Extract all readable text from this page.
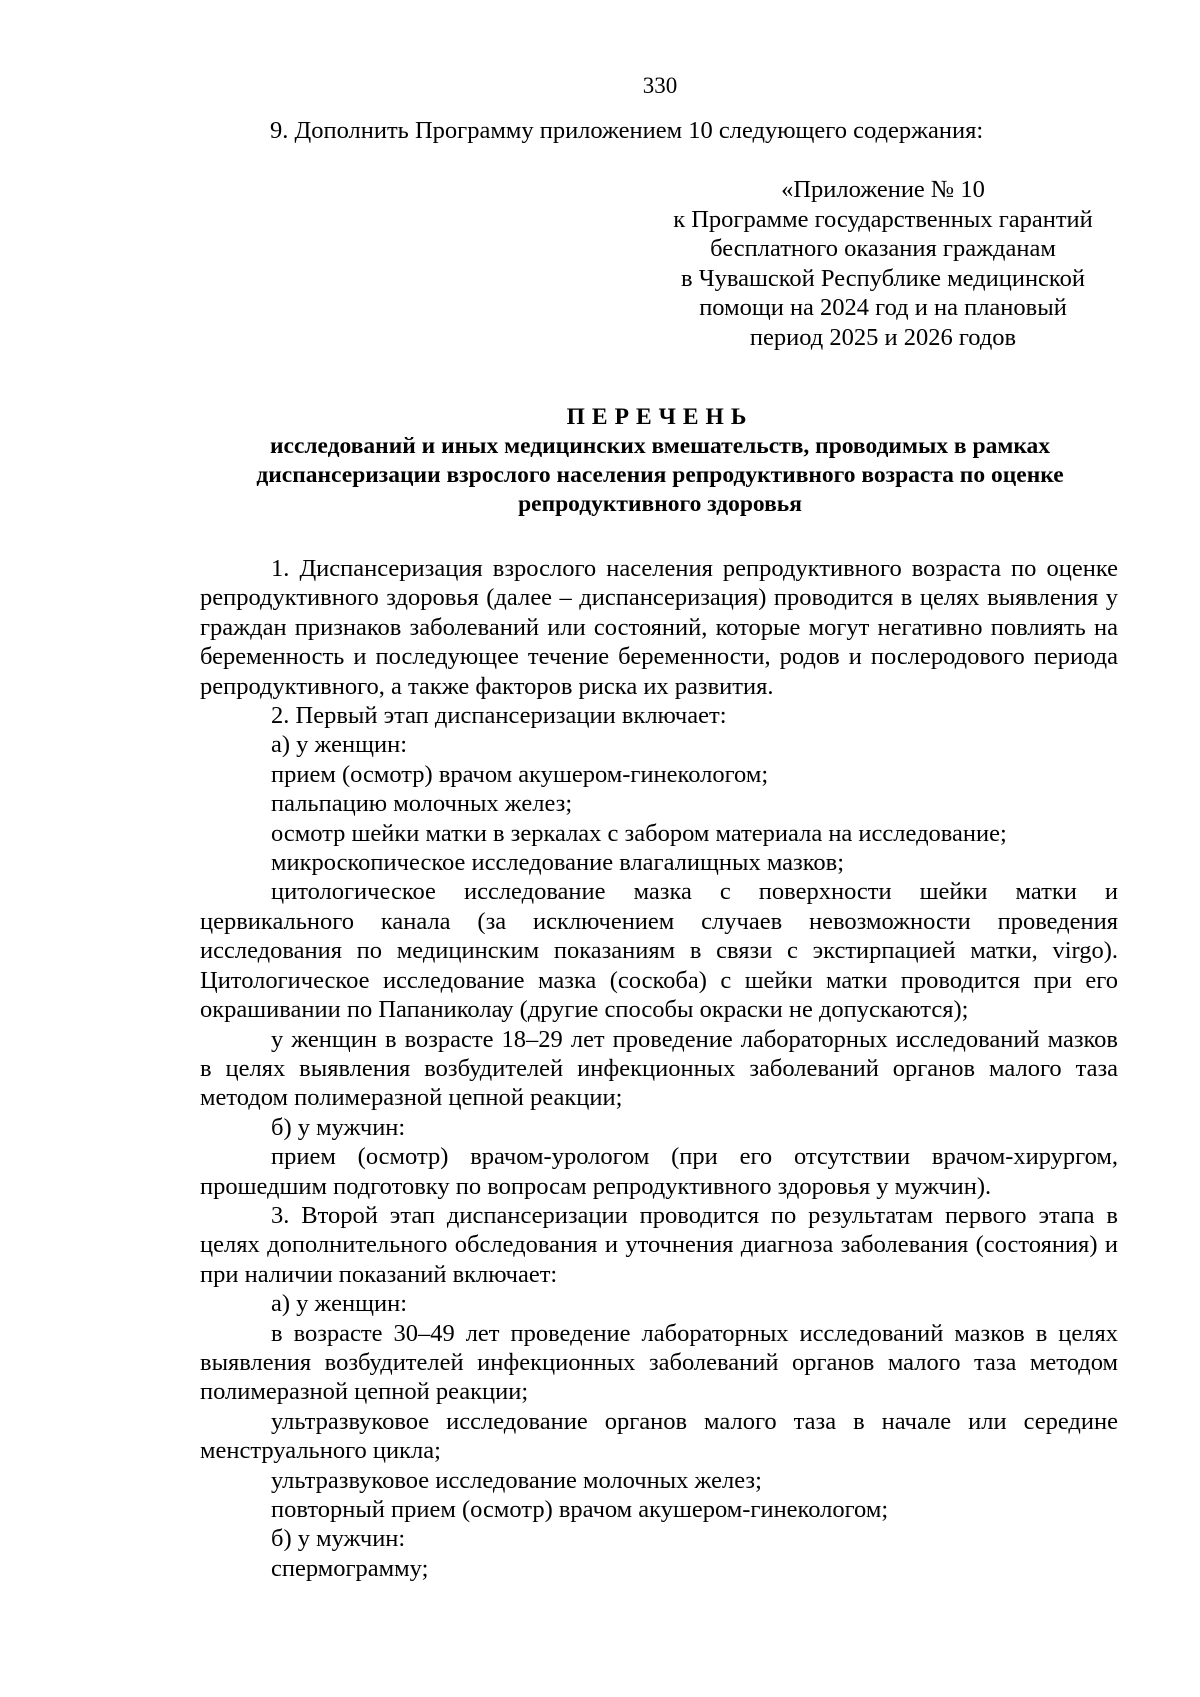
330
9. Дополнить Программу приложением 10 следующего содержания:
«Приложение № 10
к Программе государственных гарантий
бесплатного оказания гражданам
в Чувашской Республике медицинской
помощи на 2024 год и на плановый
период 2025 и 2026 годов
ПЕРЕЧЕНЬ
исследований и иных медицинских вмешательств, проводимых в рамках
диспансеризации взрослого населения репродуктивного возраста по оценке
репродуктивного здоровья

1. Диспансеризация взрослого населения репродуктивного возраста по оценке репродуктивного здоровья (далее – диспансеризация) проводится в целях выявления у граждан признаков заболеваний или состояний, которые могут негативно повлиять на беременность и последующее течение беременности, родов и послеродового периода репродуктивного, а также факторов риска их развития.

2. Первый этап диспансеризации включает:

а) у женщин:

прием (осмотр) врачом акушером-гинекологом;

пальпацию молочных желез;

осмотр шейки матки в зеркалах с забором материала на исследование;

микроскопическое исследование влагалищных мазков;

цитологическое исследование мазка с поверхности шейки матки и цервикального канала (за исключением случаев невозможности проведения исследования по медицинским показаниям в связи с экстирпацией матки, virgo). Цитологическое исследование мазка (соскоба) с шейки матки проводится при его окрашивании по Папаниколау (другие способы окраски не допускаются);

у женщин в возрасте 18–29 лет проведение лабораторных исследований мазков в целях выявления возбудителей инфекционных заболеваний органов малого таза методом полимеразной цепной реакции;

б) у мужчин:

прием (осмотр) врачом-урологом (при его отсутствии врачом-хирургом, прошедшим подготовку по вопросам репродуктивного здоровья у мужчин).

3. Второй этап диспансеризации проводится по результатам первого этапа в целях дополнительного обследования и уточнения диагноза заболевания (состояния) и при наличии показаний включает:

а) у женщин:

в возрасте 30–49 лет проведение лабораторных исследований мазков в целях выявления возбудителей инфекционных заболеваний органов малого таза методом полимеразной цепной реакции;

ультразвуковое исследование органов малого таза в начале или середине менструального цикла;

ультразвуковое исследование молочных желез;

повторный прием (осмотр) врачом акушером-гинекологом;

б) у мужчин:

спермограмму;
